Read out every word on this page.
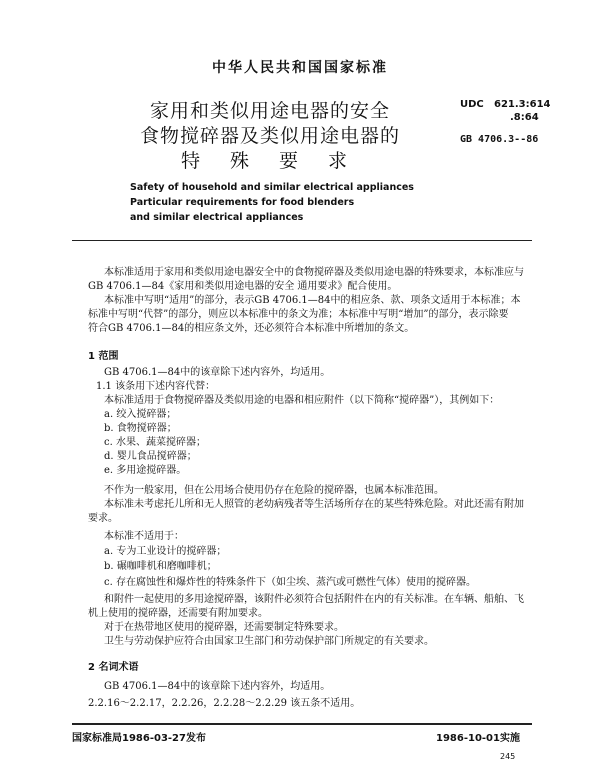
中华人民共和国国家标准
家用和类似用途电器的安全
食物搅碎器及类似用途电器的
特 殊 要 求
UDC 621.3:614
.8:64
GB 4706.3--86
Safety of household and similar electrical appliances
Particular requirements for food blenders
and similar electrical appliances
本标准适用于家用和类似用途电器安全中的食物搅碎器及类似用途电器的特殊要求，本标准应与
GB 4706.1—84《家用和类似用途电器的安全 通用要求》配合使用。
本标准中写明“适用”的部分，表示GB 4706.1—84中的相应条、款、项条文适用于本标准；本
标准中写明“代替”的部分，则应以本标准中的条文为准；本标准中写明“增加”的部分，表示除要
符合GB 4706.1—84的相应条文外，还必须符合本标准中所增加的条文。
1 范围
GB 4706.1—84中的该章除下述内容外，均适用。
1.1 该条用下述内容代替：
本标准适用于食物搅碎器及类似用途的电器和相应附件（以下简称“搅碎器”），其例如下：
a. 绞入搅碎器；
b. 食物搅碎器；
c. 水果、蔬菜搅碎器；
d. 婴儿食品搅碎器；
e. 多用途搅碎器。
不作为一般家用，但在公用场合使用仍存在危险的搅碎器，也属本标准范围。
本标准未考虑托儿所和无人照管的老幼病残者等生活场所存在的某些特殊危险。对此还需有附加
要求。
本标准不适用于：
a. 专为工业设计的搅碎器；
b. 碾咖啡机和磨咖啡机；
c. 存在腐蚀性和爆炸性的特殊条件下（如尘埃、蒸汽或可燃性气体）使用的搅碎器。
和附件一起使用的多用途搅碎器，该附件必须符合包括附件在内的有关标准。在车辆、船舶、飞
机上使用的搅碎器，还需要有附加要求。
对于在热带地区使用的搅碎器，还需要制定特殊要求。
卫生与劳动保护应符合由国家卫生部门和劳动保护部门所规定的有关要求。
2 名词术语
GB 4706.1—84中的该章除下述内容外，均适用。
2.2.16～2.2.17，2.2.26，2.2.28～2.2.29 该五条不适用。
国家标准局1986-03-27发布	1986-10-01实施
245
